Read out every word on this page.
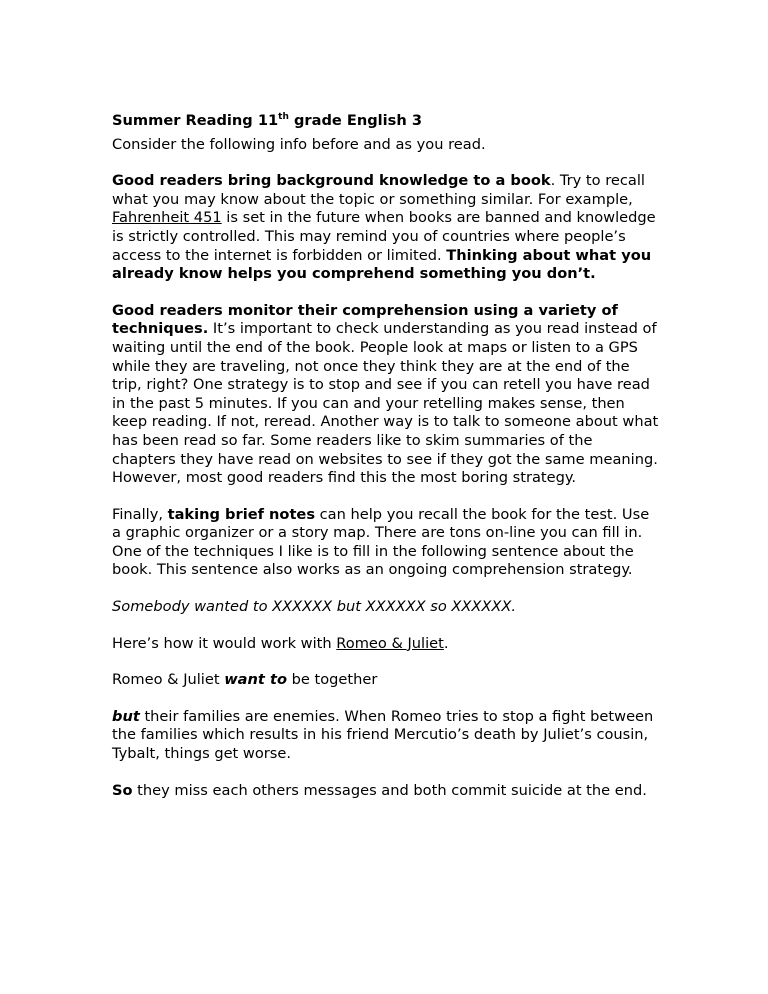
Summer Reading 11th grade English 3

Consider the following info before and as you read.

Good readers bring background knowledge to a book. Try to recall what you may know about the topic or something similar. For example, Fahrenheit 451 is set in the future when books are banned and knowledge is strictly controlled. This may remind you of countries where people’s access to the internet is forbidden or limited. Thinking about what you already know helps you comprehend something you don’t.

Good readers monitor their comprehension using a variety of techniques. It’s important to check understanding as you read instead of waiting until the end of the book. People look at maps or listen to a GPS while they are traveling, not once they think they are at the end of the trip, right? One strategy is to stop and see if you can retell you have read in the past 5 minutes. If you can and your retelling makes sense, then keep reading. If not, reread. Another way is to talk to someone about what has been read so far. Some readers like to skim summaries of the chapters they have read on websites to see if they got the same meaning. However, most good readers find this the most boring strategy.

Finally, taking brief notes can help you recall the book for the test. Use a graphic organizer or a story map. There are tons on-line you can fill in. One of the techniques I like is to fill in the following sentence about the book. This sentence also works as an ongoing comprehension strategy.

Somebody wanted to XXXXXX but XXXXXX so XXXXXX.

Here’s how it would work with Romeo & Juliet.

Romeo & Juliet want to be together

but their families are enemies. When Romeo tries to stop a fight between the families which results in his friend Mercutio’s death by Juliet’s cousin, Tybalt, things get worse.

So they miss each others messages and both commit suicide at the end.
